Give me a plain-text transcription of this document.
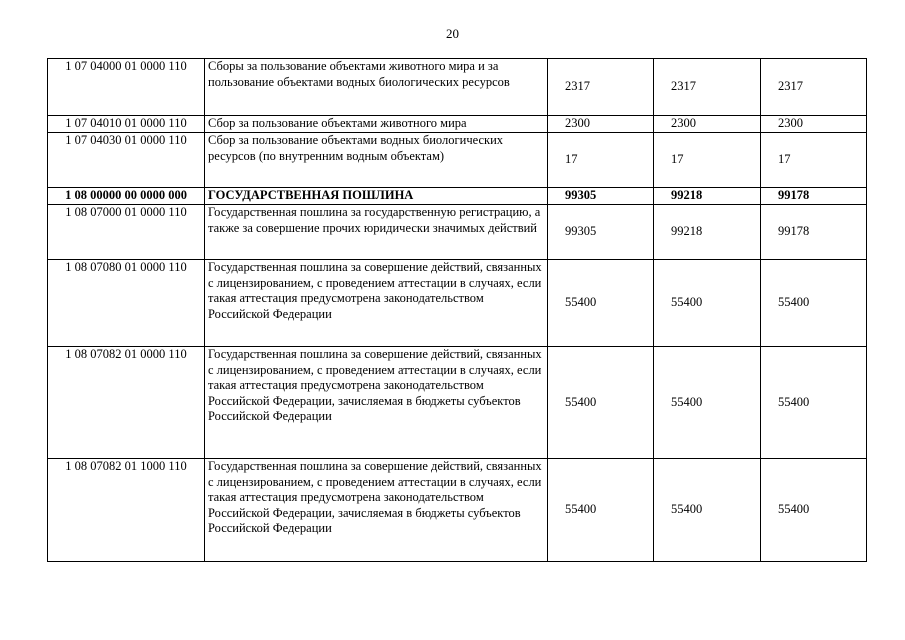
20
1 07 04000 01 0000 110	Сборы за пользование объектами животного мира и за пользование объектами водных биологических ресурсов	2317	2317	2317
1 07 04010 01 0000 110	Сбор за пользование объектами животного мира	2300	2300	2300
1 07 04030 01 0000 110	Сбор за пользование объектами водных биологических ресурсов (по внутренним водным объектам)	17	17	17
1 08 00000 00 0000 000	ГОСУДАРСТВЕННАЯ ПОШЛИНА	99305	99218	99178
1 08 07000 01 0000 110	Государственная пошлина за государственную регистрацию, а также за совершение прочих юридически значимых действий	99305	99218	99178
1 08 07080 01 0000 110	Государственная пошлина за совершение действий, связанных с лицензированием, с проведением аттестации в случаях, если такая аттестация предусмотрена законодательством Российской Федерации	55400	55400	55400
1 08 07082 01 0000 110	Государственная пошлина за совершение действий, связанных с лицензированием, с проведением аттестации в случаях, если такая аттестация предусмотрена законодательством Российской Федерации, зачисляемая в бюджеты субъектов Российской Федерации	55400	55400	55400
1 08 07082 01 1000 110	Государственная пошлина за совершение действий, связанных с лицензированием, с проведением аттестации в случаях, если такая аттестация предусмотрена законодательством Российской Федерации, зачисляемая в бюджеты субъектов Российской Федерации	55400	55400	55400
